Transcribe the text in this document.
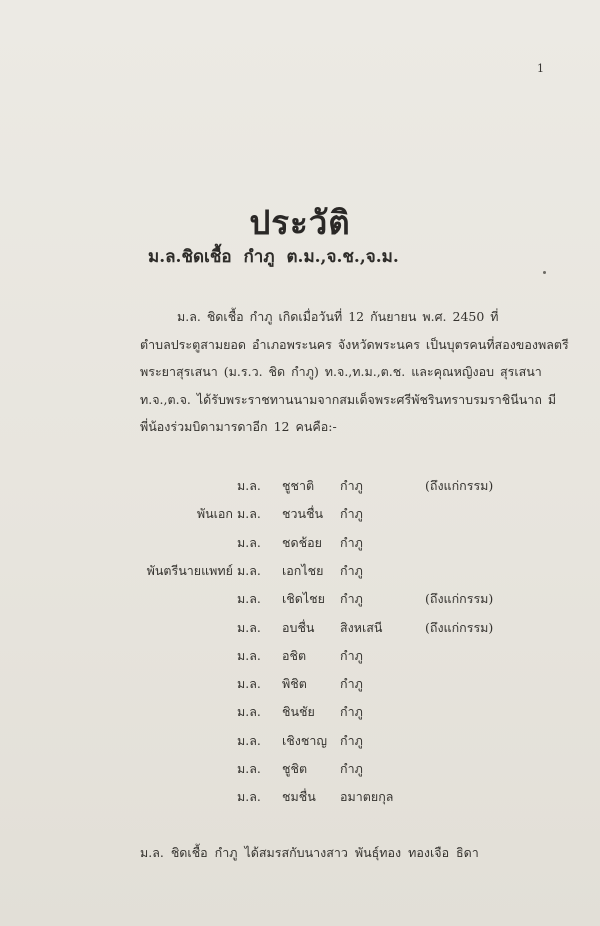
1
ประวัติ
ม.ล.ชิดเชื้อ กำภู ต.ม.,จ.ช.,จ.ม.
ม.ล. ชิดเชื้อ กำภู เกิดเมื่อวันที่ 12 กันยายน พ.ศ. 2450 ที่
ตำบลประตูสามยอด อำเภอพระนคร จังหวัดพระนคร เป็นบุตรคนที่สองของพลตรี
พระยาสุรเสนา (ม.ร.ว. ชิด กำภู) ท.จ.,ท.ม.,ต.ช. และคุณหญิงอบ สุรเสนา
ท.จ.,ต.จ. ได้รับพระราชทานนามจากสมเด็จพระศรีพัชรินทราบรมราชินีนาถ มี
พี่น้องร่วมบิดามารดาอีก 12 คนคือ:-
ม.ล. ชูชาติ กำภู	(ถึงแก่กรรม)
พันเอก ม.ล. ชวนชื่น กำภู
ม.ล. ชดช้อย กำภู
พันตรีนายแพทย์ ม.ล. เอกไชย กำภู
ม.ล. เชิดไชย กำภู	(ถึงแก่กรรม)
ม.ล. อบชื่น สิงหเสนี	(ถึงแก่กรรม)
ม.ล. อชิต	กำภู
ม.ล. พิชิต	กำภู
ม.ล. ชินชัย กำภู
ม.ล. เชิงชาญ กำภู
ม.ล. ชูชิต	กำภู
ม.ล. ชมชื่น อมาตยกุล
ม.ล. ชิดเชื้อ กำภู ได้สมรสกับนางสาว พันธุ์ทอง ทองเจือ ธิดา
